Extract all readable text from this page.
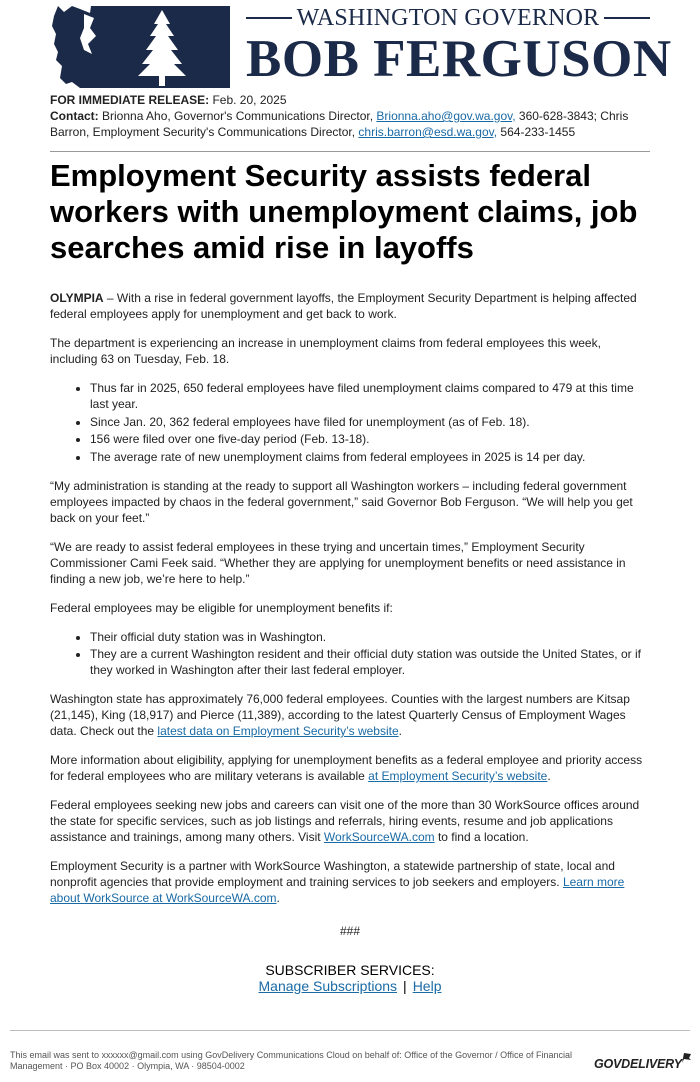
WASHINGTON GOVERNOR
BOB FERGUSON

FOR IMMEDIATE RELEASE: Feb. 20, 2025

Contact: Brionna Aho, Governor's Communications Director, Brionna.aho@gov.wa.gov, 360-628-3843; Chris Barron, Employment Security's Communications Director, chris.barron@esd.wa.gov, 564-233-1455

Employment Security assists federal workers with unemployment claims, job searches amid rise in layoffs

OLYMPIA – With a rise in federal government layoffs, the Employment Security Department is helping affected federal employees apply for unemployment and get back to work.

The department is experiencing an increase in unemployment claims from federal employees this week, including 63 on Tuesday, Feb. 18.

• Thus far in 2025, 650 federal employees have filed unemployment claims compared to 479 at this time last year.
• Since Jan. 20, 362 federal employees have filed for unemployment (as of Feb. 18).
• 156 were filed over one five-day period (Feb. 13-18).
• The average rate of new unemployment claims from federal employees in 2025 is 14 per day.

“My administration is standing at the ready to support all Washington workers – including federal government employees impacted by chaos in the federal government,” said Governor Bob Ferguson. “We will help you get back on your feet.”

“We are ready to assist federal employees in these trying and uncertain times,” Employment Security Commissioner Cami Feek said. “Whether they are applying for unemployment benefits or need assistance in finding a new job, we’re here to help.”

Federal employees may be eligible for unemployment benefits if:

• Their official duty station was in Washington.
• They are a current Washington resident and their official duty station was outside the United States, or if they worked in Washington after their last federal employer.

Washington state has approximately 76,000 federal employees. Counties with the largest numbers are Kitsap (21,145), King (18,917) and Pierce (11,389), according to the latest Quarterly Census of Employment Wages data. Check out the latest data on Employment Security’s website.

More information about eligibility, applying for unemployment benefits as a federal employee and priority access for federal employees who are military veterans is available at Employment Security’s website.

Federal employees seeking new jobs and careers can visit one of the more than 30 WorkSource offices around the state for specific services, such as job listings and referrals, hiring events, resume and job applications assistance and trainings, among many others. Visit WorkSourceWA.com to find a location.

Employment Security is a partner with WorkSource Washington, a statewide partnership of state, local and nonprofit agencies that provide employment and training services to job seekers and employers. Learn more about WorkSource at WorkSourceWA.com.

###
SUBSCRIBER SERVICES:
Manage Subscriptions | Help
This email was sent to xxxxxx@gmail.com using GovDelivery Communications Cloud on behalf of: Office of the Governor / Office of Financial Management · PO Box 40002 · Olympia, WA · 98504-0002	GOVDELIVERY
